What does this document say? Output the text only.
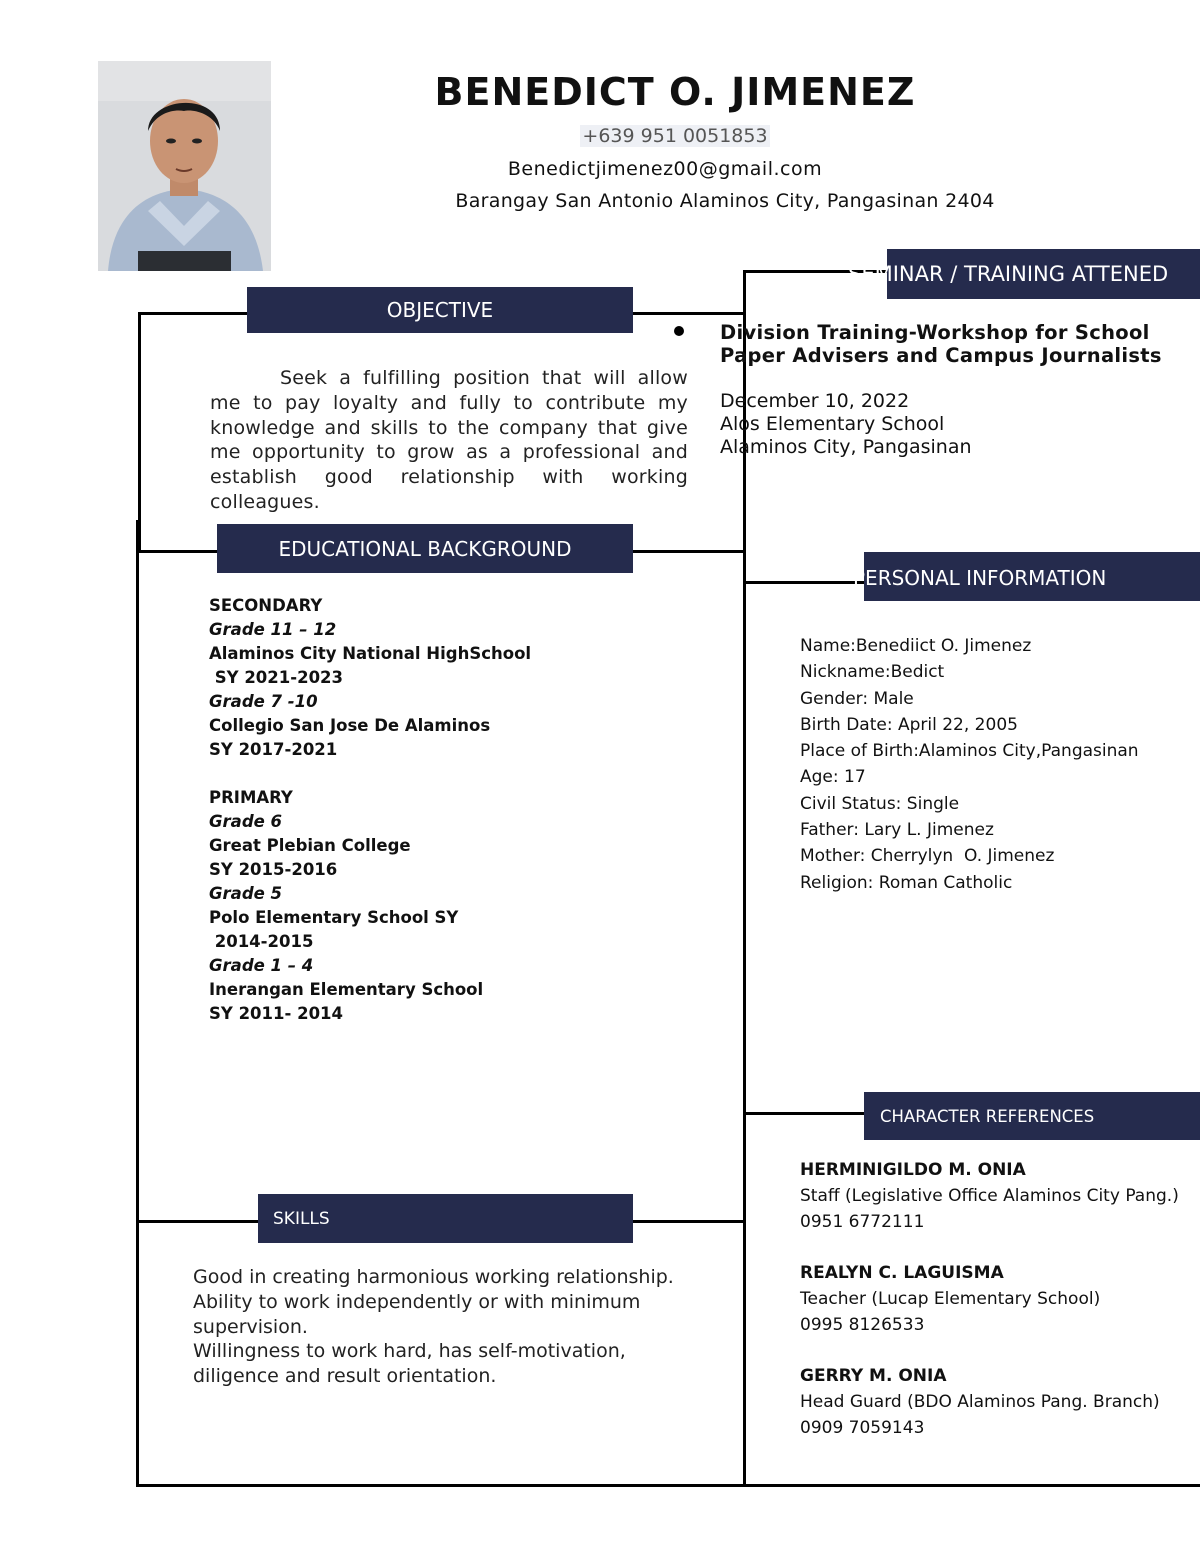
BENEDICT O. JIMENEZ
+639 951 0051853
Benedictjimenez00@gmail.com
Barangay San Antonio Alaminos City, Pangasinan 2404
OBJECTIVE
EDUCATIONAL BACKGROUND
SKILLS
SEMINAR / TRAINING ATTENED
PERSONAL INFORMATION
CHARACTER REFERENCES
Seek a fulfilling position that will allow me to pay loyalty and fully to contribute my knowledge and skills to the company that give me opportunity to grow as a professional and establish good relationship with working colleagues.
SECONDARY
Grade 11 – 12
Alaminos City National HighSchool
SY 2021-2023
Grade 7 -10
Collegio San Jose De Alaminos
SY 2017-2021
PRIMARY
Grade 6
Great Plebian College
SY 2015-2016
Grade 5
Polo Elementary School SY
2014-2015
Grade 1 – 4
Inerangan Elementary School
SY 2011- 2014
Good in creating harmonious working relationship.
Ability to work independently or with minimum supervision.
Willingness to work hard, has self-motivation, diligence and result orientation.
Division Training-Workshop for School Paper Advisers and Campus Journalists
December 10, 2022
Alos Elementary School
Alaminos City, Pangasinan
Name:Benediict O. Jimenez
Nickname:Bedict
Gender: Male
Birth Date: April 22, 2005
Place of Birth:Alaminos City,Pangasinan
Age: 17
Civil Status: Single
Father: Lary L. Jimenez
Mother: Cherrylyn  O. Jimenez
Religion: Roman Catholic
HERMINIGILDO M. ONIA
Staff (Legislative Office Alaminos City Pang.)
0951 6772111
REALYN C. LAGUISMA
Teacher (Lucap Elementary School)
0995 8126533
GERRY M. ONIA
Head Guard (BDO Alaminos Pang. Branch)
0909 7059143
